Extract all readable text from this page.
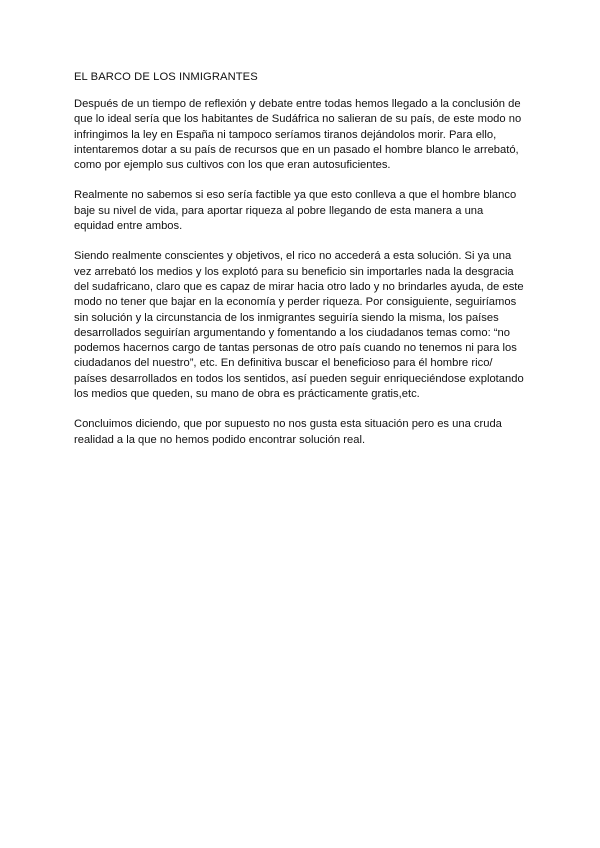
EL BARCO DE LOS INMIGRANTES

Después de un tiempo de reflexión y debate entre todas hemos llegado a la conclusión de que lo ideal sería que los habitantes de Sudáfrica no salieran de su país, de este modo no infringimos la ley en España ni tampoco seríamos tiranos dejándolos morir. Para ello, intentaremos dotar a su país de recursos que en un pasado el hombre blanco le arrebató, como por ejemplo sus cultivos con los que eran autosuficientes.

Realmente no sabemos si eso sería factible ya que esto conlleva a que el hombre blanco baje su nivel de vida, para aportar riqueza al pobre llegando de esta manera a una equidad entre ambos.

Siendo realmente conscientes y objetivos, el rico no accederá a esta solución. Si ya una vez arrebató los medios y los explotó para su beneficio sin importarles nada la desgracia del sudafricano, claro que es capaz de mirar hacia otro lado y no brindarles ayuda, de este modo no tener que bajar en la economía y perder riqueza. Por consiguiente, seguiríamos sin solución y la circunstancia de los inmigrantes seguiría siendo la misma, los países desarrollados seguirían argumentando y fomentando a los ciudadanos temas como: “no podemos hacernos cargo de tantas personas de otro país cuando no tenemos ni para los ciudadanos del nuestro”, etc. En definitiva buscar el beneficioso para él hombre rico/ países desarrollados en todos los sentidos, así pueden seguir enriqueciéndose explotando los medios que queden, su mano de obra es prácticamente gratis,etc.

Concluimos diciendo, que por supuesto no nos gusta esta situación pero es una cruda realidad a la que no hemos podido encontrar solución real.
